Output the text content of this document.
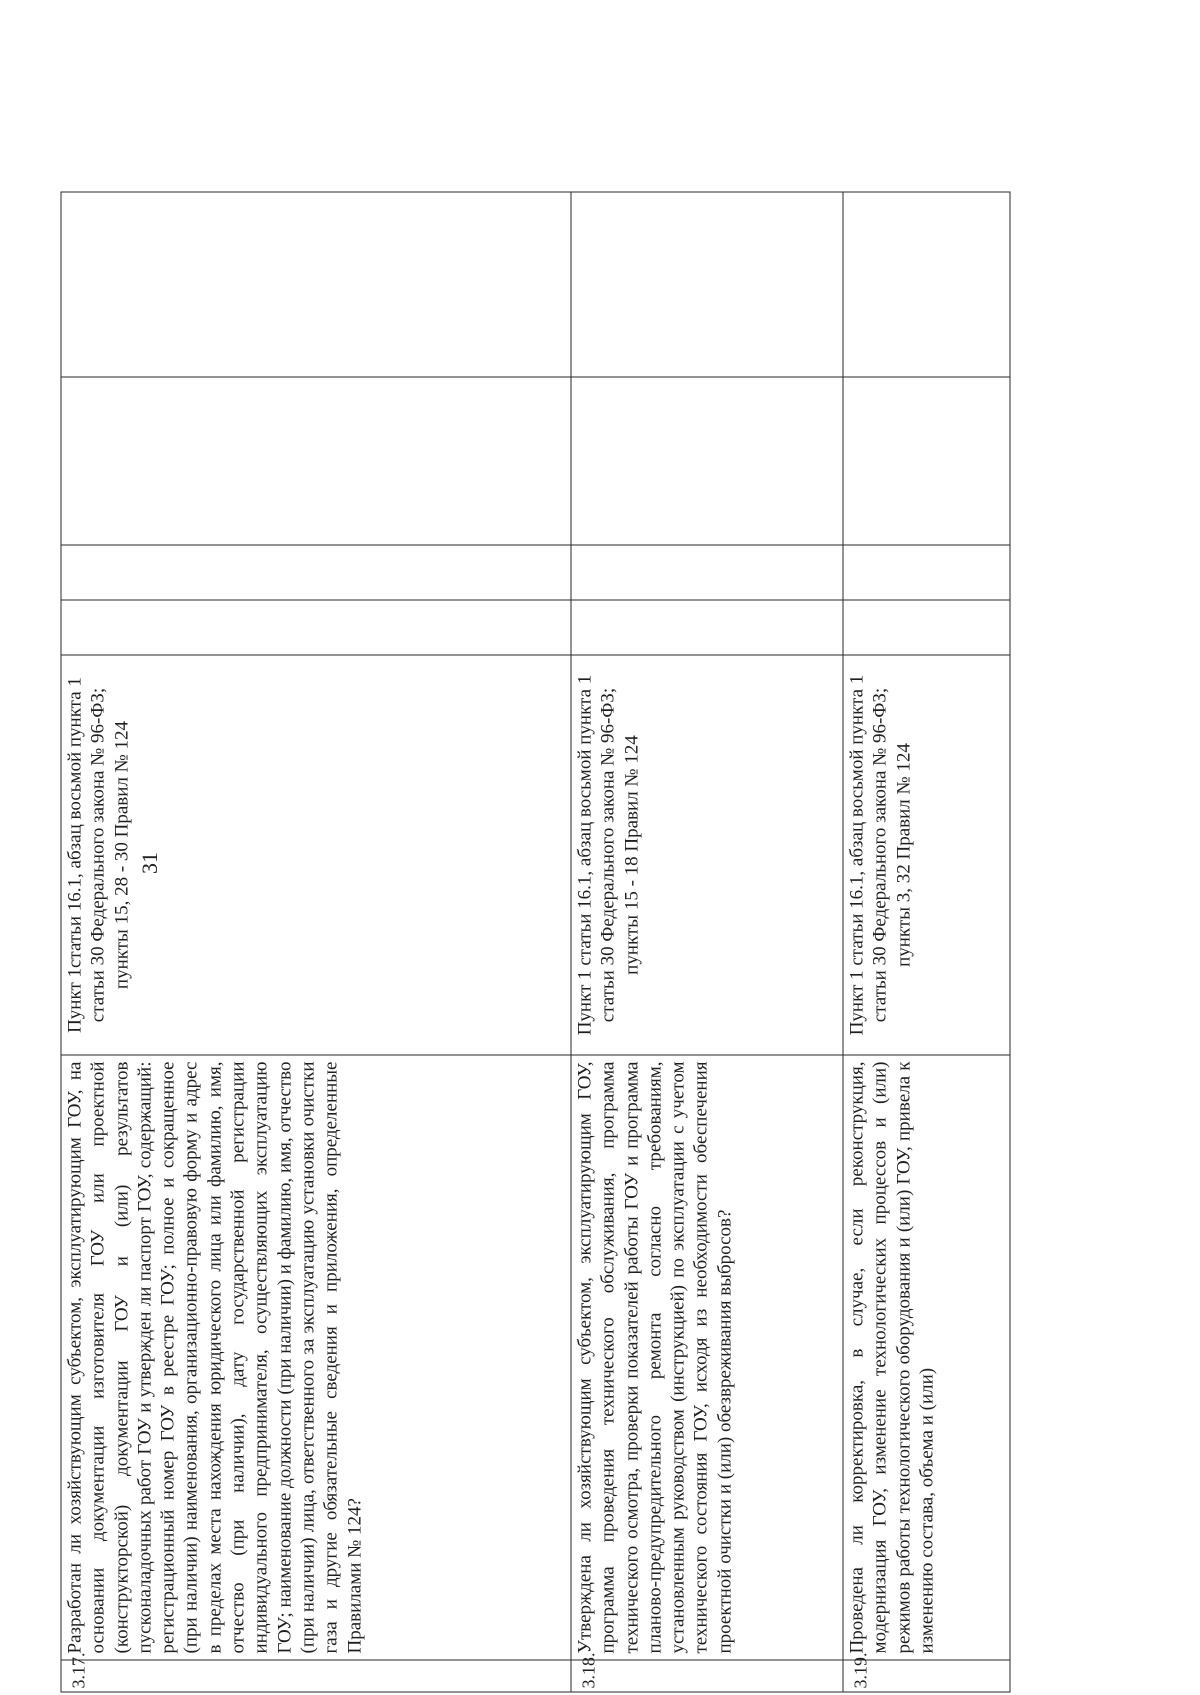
31
3.17.	Разработан ли хозяйствующим субъектом, эксплуатирующим ГОУ, на основании документации изготовителя ГОУ или проектной (конструкторской) документации ГОУ и (или) результатов пусконаладочных работ ГОУ и утвержден ли паспорт ГОУ, содержащий: регистрационный номер ГОУ в реестре ГОУ; полное и сокращенное (при наличии) наименования, организационно-правовую форму и адрес в пределах места нахождения юридического лица или фамилию, имя, отчество (при наличии), дату государственной регистрации индивидуального предпринимателя, осуществляющих эксплуатацию ГОУ; наименование должности (при наличии) и фамилию, имя, отчество (при наличии) лица, ответственного за эксплуатацию установки очистки газа и другие обязательные сведения и приложения, определенные Правилами № 124?	Пункт 1статьи 16.1, абзац восьмой пункта 1 статьи 30 Федерального закона № 96-ФЗ; пункты 15, 28 - 30 Правил № 124				

3.18.	Утверждена ли хозяйствующим субъектом, эксплуатирующим ГОУ, программа проведения технического обслуживания, программа технического осмотра, проверки показателей работы ГОУ и программа планово-предупредительного ремонта согласно требованиям, установленным руководством (инструкцией) по эксплуатации с учетом технического состояния ГОУ, исходя из необходимости обеспечения проектной очистки и (или) обезвреживания выбросов?	Пункт 1 статьи 16.1, абзац восьмой пункта 1 статьи 30 Федерального закона № 96-ФЗ; пункты 15 - 18 Правил № 124				

3.19.	Проведена ли корректировка, в случае, если реконструкция, модернизация ГОУ, изменение технологических процессов и (или) режимов работы технологического оборудования и (или) ГОУ, привела к изменению состава, объема и (или)	Пункт 1 статьи 16.1, абзац восьмой пункта 1 статьи 30 Федерального закона № 96-ФЗ; пункты 3, 32 Правил № 124				
